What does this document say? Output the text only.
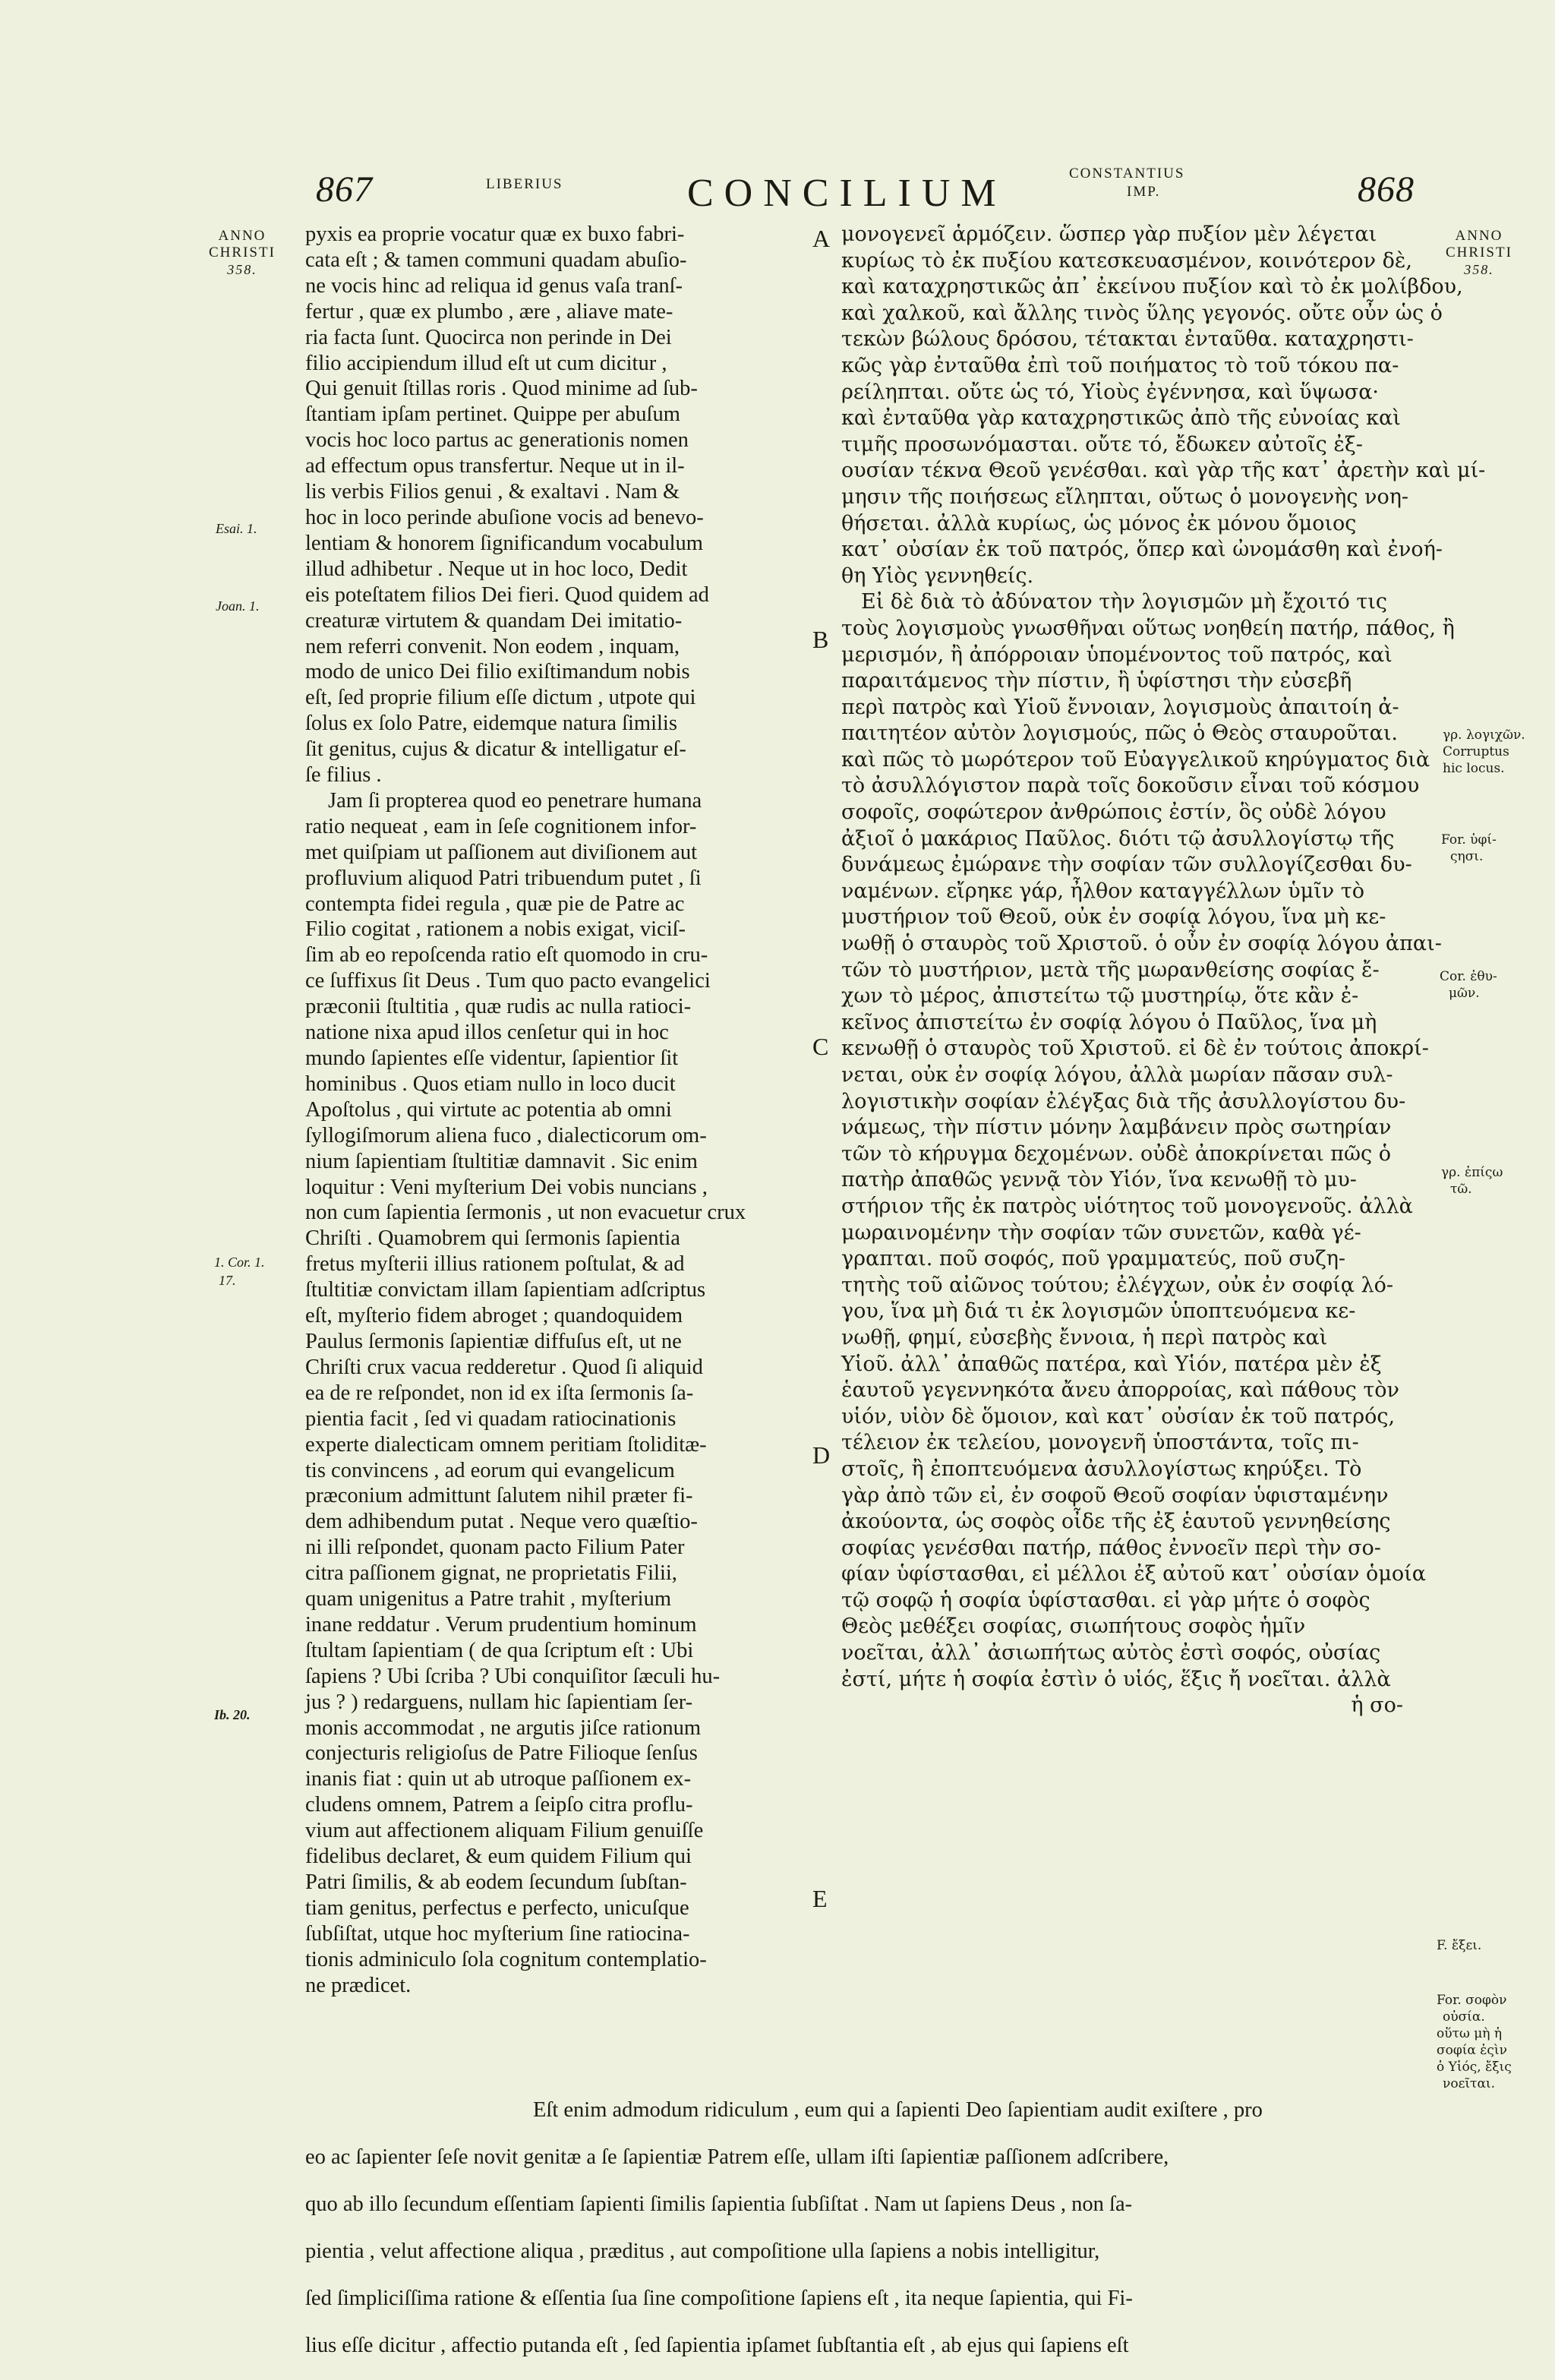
867	LIBERIUS	CONCILIUM	CONSTANTIUS
IMP.	868
ANNO
CHRISTI
358.
ANNO
CHRISTI
358.
Esai. 1.
Joan. 1.
1. Cor. 1.
17.
Ib. 20.
γρ. λογιχῶν.
Corruptus
hic locus.
For. ὑφί-
ςησι.
Cor. ἐθυ-
μῶν.
γρ. ἐπίςω
τῶ.
F. ἔξει.
For. σοφὸν
οὐσία.
οὕτω μὴ ἡ
σοφία ἐςὶν
ὁ Υἱός, ἔξις
νοεῖται.
A
B
C
D
E

pyxis ea proprie vocatur quæ ex buxo fabri-

cata eſt ; & tamen communi quadam abuſio-

ne vocis hinc ad reliqua id genus vaſa tranſ-

fertur , quæ ex plumbo , ære , aliave mate-

ria facta ſunt. Quocirca non perinde in Dei

filio accipiendum illud eſt ut cum dicitur ,

Qui genuit ſtillas roris . Quod minime ad ſub-

ſtantiam ipſam pertinet. Quippe per abuſum

vocis hoc loco partus ac generationis nomen

ad effectum opus transfertur. Neque ut in il-

lis verbis Filios genui , & exaltavi . Nam &

hoc in loco perinde abuſione vocis ad benevo-

lentiam & honorem ſignificandum vocabulum

illud adhibetur . Neque ut in hoc loco, Dedit

eis poteſtatem filios Dei fieri. Quod quidem ad

creaturæ virtutem & quandam Dei imitatio-

nem referri convenit. Non eodem , inquam,

modo de unico Dei filio exiſtimandum nobis

eſt, ſed proprie filium eſſe dictum , utpote qui

ſolus ex ſolo Patre, eidemque natura ſimilis

ſit genitus, cujus & dicatur & intelligatur eſ-

ſe filius .

Jam ſi propterea quod eo penetrare humana

ratio nequeat , eam in ſeſe cognitionem infor-

met quiſpiam ut paſſionem aut diviſionem aut

profluvium aliquod Patri tribuendum putet , ſi

contempta fidei regula , quæ pie de Patre ac

Filio cogitat , rationem a nobis exigat, viciſ-

ſim ab eo repoſcenda ratio eſt quomodo in cru-

ce ſuffixus ſit Deus . Tum quo pacto evangelici

præconii ſtultitia , quæ rudis ac nulla ratioci-

natione nixa apud illos cenſetur qui in hoc

mundo ſapientes eſſe videntur, ſapientior ſit

hominibus . Quos etiam nullo in loco ducit

Apoſtolus , qui virtute ac potentia ab omni

ſyllogiſmorum aliena fuco , dialecticorum om-

nium ſapientiam ſtultitiæ damnavit . Sic enim

loquitur : Veni myſterium Dei vobis nuncians ,

non cum ſapientia ſermonis , ut non evacuetur crux

Chriſti . Quamobrem qui ſermonis ſapientia

fretus myſterii illius rationem poſtulat, & ad

ſtultitiæ convictam illam ſapientiam adſcriptus

eſt, myſterio fidem abroget ; quandoquidem

Paulus ſermonis ſapientiæ diffuſus eſt, ut ne

Chriſti crux vacua redderetur . Quod ſi aliquid

ea de re reſpondet, non id ex iſta ſermonis ſa-

pientia facit , ſed vi quadam ratiocinationis

experte dialecticam omnem peritiam ſtoliditæ-

tis convincens , ad eorum qui evangelicum

præconium admittunt ſalutem nihil præter fi-

dem adhibendum putat . Neque vero quæſtio-

ni illi reſpondet, quonam pacto Filium Pater

citra paſſionem gignat, ne proprietatis Filii,

quam unigenitus a Patre trahit , myſterium

inane reddatur . Verum prudentium hominum

ſtultam ſapientiam ( de qua ſcriptum eſt : Ubi

ſapiens ? Ubi ſcriba ? Ubi conquiſitor ſæculi hu-

jus ? ) redarguens, nullam hic ſapientiam ſer-

monis accommodat , ne argutis jiſce rationum

conjecturis religioſus de Patre Filioque ſenſus

inanis fiat : quin ut ab utroque paſſionem ex-

cludens omnem, Patrem a ſeipſo citra proflu-

vium aut affectionem aliquam Filium genuiſſe

fidelibus declaret, & eum quidem Filium qui

Patri ſimilis, & ab eodem ſecundum ſubſtan-

tiam genitus, perfectus e perfecto, unicuſque

ſubſiſtat, utque hoc myſterium ſine ratiocina-

tionis adminiculo ſola cognitum contemplatio-

ne prædicet.

μονογενεῖ ἁρμόζειν. ὥσπερ γὰρ πυξίον μὲν λέγεται

κυρίως τὸ ἐκ πυξίου κατεσκευασμένον, κοινότερον δὲ,

καὶ καταχρηστικῶς ἀπ᾽ ἐκείνου πυξίον καὶ τὸ ἐκ μολίβδου,

καὶ χαλκοῦ, καὶ ἄλλης τινὸς ὕλης γεγονός. οὔτε οὖν ὡς ὁ

τεκὼν βώλους δρόσου, τέτακται ἐνταῦθα. καταχρηστι-

κῶς γὰρ ἐνταῦθα ἐπὶ τοῦ ποιήματος τὸ τοῦ τόκου πα-

ρείληπται. οὔτε ὡς τό, Υἱοὺς ἐγέννησα, καὶ ὕψωσα·

καὶ ἐνταῦθα γὰρ καταχρηστικῶς ἀπὸ τῆς εὐνοίας καὶ

τιμῆς προσωνόμασται. οὔτε τό, ἔδωκεν αὐτοῖς ἐξ-

ουσίαν τέκνα Θεοῦ γενέσθαι. καὶ γὰρ τῆς κατ᾽ ἀρετὴν καὶ μί-

μησιν τῆς ποιήσεως εἴληπται, οὕτως ὁ μονογενὴς νοη-

θήσεται. ἀλλὰ κυρίως, ὡς μόνος ἐκ μόνου ὅμοιος

κατ᾽ οὐσίαν ἐκ τοῦ πατρός, ὅπερ καὶ ὠνομάσθη καὶ ἐνοή-

θη Υἱὸς γεννηθείς.

Εἰ δὲ διὰ τὸ ἀδύνατον τὴν λογισμῶν μὴ ἔχοιτό τις

τοὺς λογισμοὺς γνωσθῆναι οὕτως νοηθείη πατήρ, πάθος, ἢ

μερισμόν, ἢ ἀπόρροιαν ὑπομένοντος τοῦ πατρός, καὶ

παραιτάμενος τὴν πίστιν, ἢ ὑφίστησι τὴν εὐσεβῆ

περὶ πατρὸς καὶ Υἱοῦ ἔννοιαν, λογισμοὺς ἀπαιτοίη ἀ-

παιτητέον αὐτὸν λογισμούς, πῶς ὁ Θεὸς σταυροῦται.

καὶ πῶς τὸ μωρότερον τοῦ Εὐαγγελικοῦ κηρύγματος διὰ

τὸ ἀσυλλόγιστον παρὰ τοῖς δοκοῦσιν εἶναι τοῦ κόσμου

σοφοῖς, σοφώτερον ἀνθρώποις ἐστίν, ὃς οὐδὲ λόγου

ἀξιοῖ ὁ μακάριος Παῦλος. διότι τῷ ἀσυλλογίστῳ τῆς

δυνάμεως ἐμώρανε τὴν σοφίαν τῶν συλλογίζεσθαι δυ-

ναμένων. εἴρηκε γάρ, ἦλθον καταγγέλλων ὑμῖν τὸ

μυστήριον τοῦ Θεοῦ, οὐκ ἐν σοφίᾳ λόγου, ἵνα μὴ κε-

νωθῇ ὁ σταυρὸς τοῦ Χριστοῦ. ὁ οὖν ἐν σοφίᾳ λόγου ἀπαι-

τῶν τὸ μυστήριον, μετὰ τῆς μωρανθείσης σοφίας ἔ-

χων τὸ μέρος, ἀπιστείτω τῷ μυστηρίῳ, ὅτε κἂν ἐ-

κεῖνος ἀπιστείτω ἐν σοφίᾳ λόγου ὁ Παῦλος, ἵνα μὴ

κενωθῇ ὁ σταυρὸς τοῦ Χριστοῦ. εἰ δὲ ἐν τούτοις ἀποκρί-

νεται, οὐκ ἐν σοφίᾳ λόγου, ἀλλὰ μωρίαν πᾶσαν συλ-

λογιστικὴν σοφίαν ἐλέγξας διὰ τῆς ἀσυλλογίστου δυ-

νάμεως, τὴν πίστιν μόνην λαμβάνειν πρὸς σωτηρίαν

τῶν τὸ κήρυγμα δεχομένων. οὐδὲ ἀποκρίνεται πῶς ὁ

πατὴρ ἀπαθῶς γεννᾷ τὸν Υἱόν, ἵνα κενωθῇ τὸ μυ-

στήριον τῆς ἐκ πατρὸς υἱότητος τοῦ μονογενοῦς. ἀλλὰ

μωραινομένην τὴν σοφίαν τῶν συνετῶν, καθὰ γέ-

γραπται. ποῦ σοφός, ποῦ γραμματεύς, ποῦ συζη-

τητὴς τοῦ αἰῶνος τούτου; ἐλέγχων, οὐκ ἐν σοφίᾳ λό-

γου, ἵνα μὴ διά τι ἐκ λογισμῶν ὑποπτευόμενα κε-

νωθῇ, φημί, εὐσεβὴς ἔννοια, ἡ περὶ πατρὸς καὶ

Υἱοῦ. ἀλλ᾽ ἀπαθῶς πατέρα, καὶ Υἱόν, πατέρα μὲν ἐξ

ἑαυτοῦ γεγεννηκότα ἄνευ ἀπορροίας, καὶ πάθους τὸν

υἱόν, υἱὸν δὲ ὅμοιον, καὶ κατ᾽ οὐσίαν ἐκ τοῦ πατρός,

τέλειον ἐκ τελείου, μονογενῆ ὑποστάντα, τοῖς πι-

στοῖς, ἢ ἐποπτευόμενα ἀσυλλογίστως κηρύξει. Τὸ

γὰρ ἀπὸ τῶν εἰ, ἐν σοφοῦ Θεοῦ σοφίαν ὑφισταμένην

ἀκούοντα, ὡς σοφὸς οἶδε τῆς ἐξ ἑαυτοῦ γεννηθείσης

σοφίας γενέσθαι πατήρ, πάθος ἐννοεῖν περὶ τὴν σο-

φίαν ὑφίστασθαι, εἰ μέλλοι ἐξ αὐτοῦ κατ᾽ οὐσίαν ὁμοία

τῷ σοφῷ ἡ σοφία ὑφίστασθαι. εἰ γὰρ μήτε ὁ σοφὸς

Θεὸς μεθέξει σοφίας, σιωπήτους σοφὸς ἡμῖν

νοεῖται, ἀλλ᾽ ἀσιωπήτως αὐτὸς ἐστὶ σοφός, οὐσίας

ἐστί, μήτε ἡ σοφία ἐστὶν ὁ υἱός, ἕξις ἤ νοεῖται. ἀλλὰ

ἡ σο-

Eſt enim admodum ridiculum , eum qui a ſapienti Deo ſapientiam audit exiſtere , pro

eo ac ſapienter ſeſe novit genitæ a ſe ſapientiæ Patrem eſſe, ullam iſti ſapientiæ paſſionem adſcribere,

quo ab illo ſecundum eſſentiam ſapienti ſimilis ſapientia ſubſiſtat . Nam ut ſapiens Deus , non ſa-

pientia , velut affectione aliqua , præditus , aut compoſitione ulla ſapiens a nobis intelligitur,

ſed ſimpliciſſima ratione & eſſentia ſua ſine compoſitione ſapiens eſt , ita neque ſapientia, qui Fi-

lius eſſe dicitur , affectio putanda eſt , ſed ſapientia ipſamet ſubſtantia eſt , ab ejus qui ſapiens eſt
